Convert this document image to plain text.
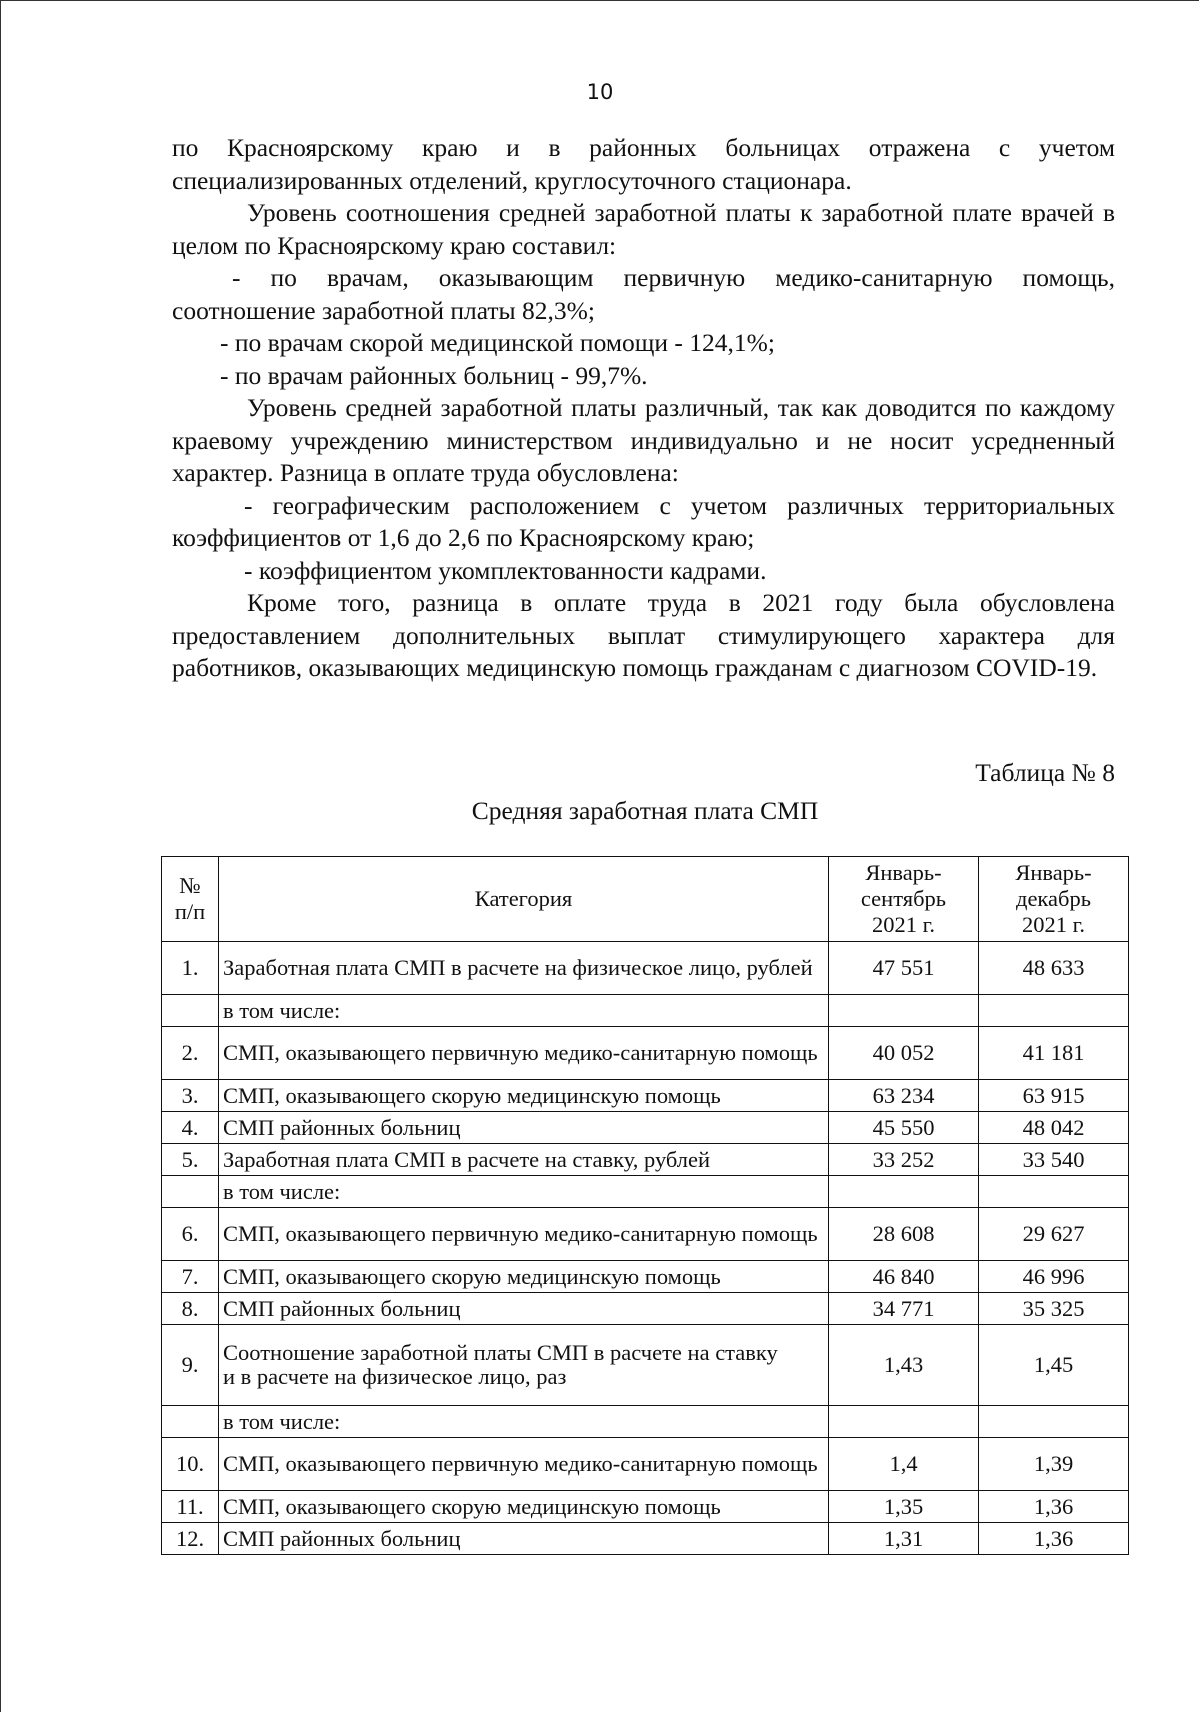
10

по Красноярскому краю и в районных больницах отражена с учетом специализированных отделений, круглосуточного стационара.

Уровень соотношения средней заработной платы к заработной плате врачей в целом по Красноярскому краю составил:

- по врачам, оказывающим первичную медико-санитарную помощь, соотношение заработной платы 82,3%;

- по врачам скорой медицинской помощи - 124,1%;

- по врачам районных больниц - 99,7%.

Уровень средней заработной платы различный, так как доводится по каждому краевому учреждению министерством индивидуально и не носит усредненный характер. Разница в оплате труда обусловлена:

- географическим расположением с учетом различных территориальных коэффициентов от 1,6 до 2,6 по Красноярскому краю;

- коэффициентом укомплектованности кадрами.

Кроме того, разница в оплате труда в 2021 году была обусловлена предоставлением дополнительных выплат стимулирующего характера для работников, оказывающих медицинскую помощь гражданам с диагнозом COVID-19.

Таблица № 8
Средняя заработная плата СМП
№
п/п	Категория	Январь-
сентябрь
2021 г.	Январь-
декабрь
2021 г.
1.	Заработная плата СМП в расчете на физическое лицо, рублей	47 551	48 633
	в том числе:		
2.	СМП, оказывающего первичную медико-санитарную помощь	40 052	41 181
3.	СМП, оказывающего скорую медицинскую помощь	63 234	63 915
4.	СМП районных больниц	45 550	48 042
5.	Заработная плата СМП в расчете на ставку, рублей	33 252	33 540
	в том числе:		
6.	СМП, оказывающего первичную медико-санитарную помощь	28 608	29 627
7.	СМП, оказывающего скорую медицинскую помощь	46 840	46 996
8.	СМП районных больниц	34 771	35 325
9.	Соотношение заработной платы СМП в расчете на ставку
и в расчете на физическое лицо, раз	1,43	1,45
	в том числе:		
10.	СМП, оказывающего первичную медико-санитарную помощь	1,4	1,39
11.	СМП, оказывающего скорую медицинскую помощь	1,35	1,36
12.	СМП районных больниц	1,31	1,36
